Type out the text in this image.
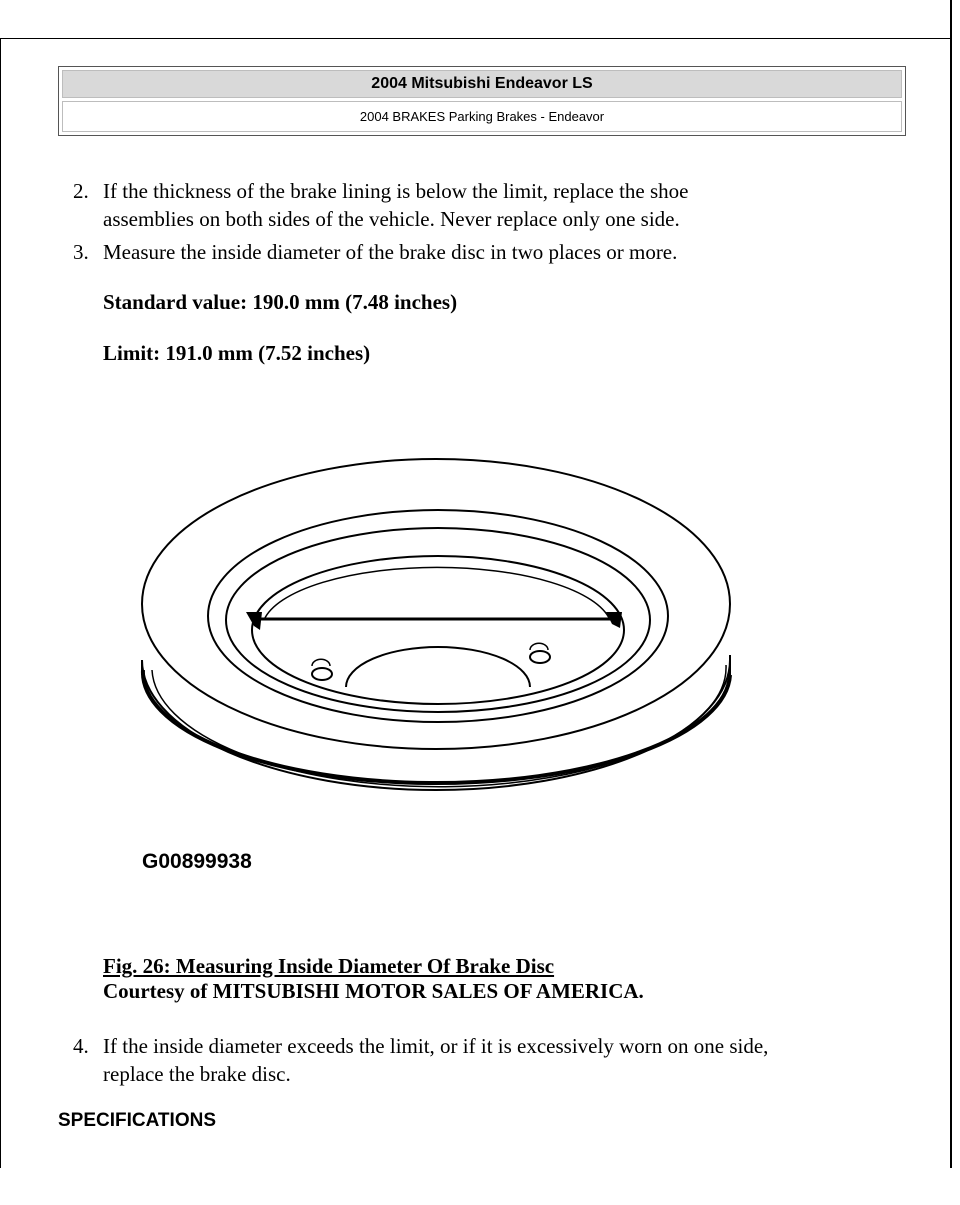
2004 Mitsubishi Endeavor LS
2004 BRAKES Parking Brakes - Endeavor
2. If the thickness of the brake lining is below the limit, replace the shoe
assemblies on both sides of the vehicle. Never replace only one side.
3. Measure the inside diameter of the brake disc in two places or more.
Standard value: 190.0 mm (7.48 inches)
Limit: 191.0 mm (7.52 inches)
G00899938
Fig. 26: Measuring Inside Diameter Of Brake Disc
Courtesy of MITSUBISHI MOTOR SALES OF AMERICA.
4. If the inside diameter exceeds the limit, or if it is excessively worn on one side,
replace the brake disc.
SPECIFICATIONS
